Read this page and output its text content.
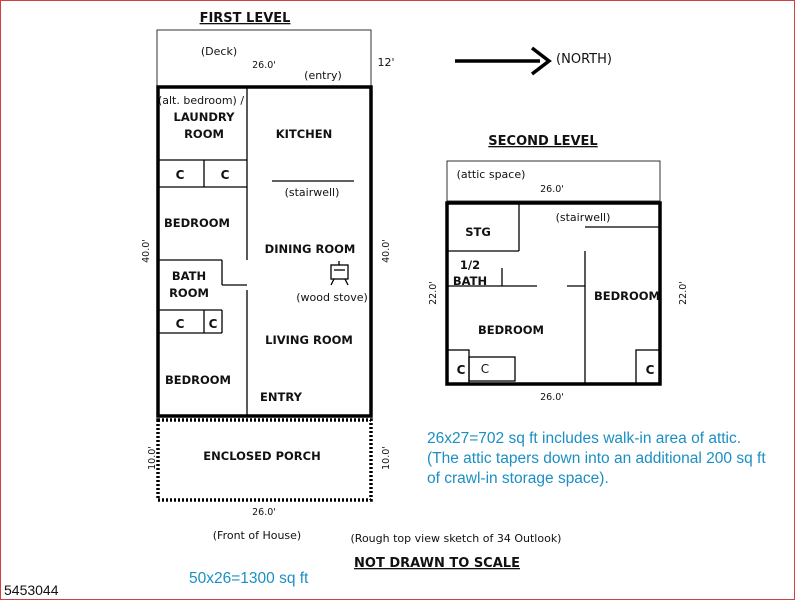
FIRST LEVEL
(Deck)
26.0'	12'
(entry)
(alt. bedroom) /
LAUNDRY
ROOM	KITCHEN
C	C
(stairwell)
BEDROOM
DINING ROOM
BATH
ROOM	(wood stove)
C C
LIVING ROOM
BEDROOM
ENTRY
40.0'	40.0'
ENCLOSED PORCH
10.0'	10.0'
26.0'
(Front of House)
(NORTH)
SECOND LEVEL
(attic space)
26.0'
STG
(stairwell)
1/2
BATH
BEDROOM
BEDROOM
C C	C
22.0'	22.0'
26.0'
(Rough top view sketch of 34 Outlook)
NOT DRAWN TO SCALE
26x27=702 sq ft includes walk-in area of attic.
(The attic tapers down into an additional 200 sq ft
of crawl-in storage space).
50x26=1300 sq ft
5453044
